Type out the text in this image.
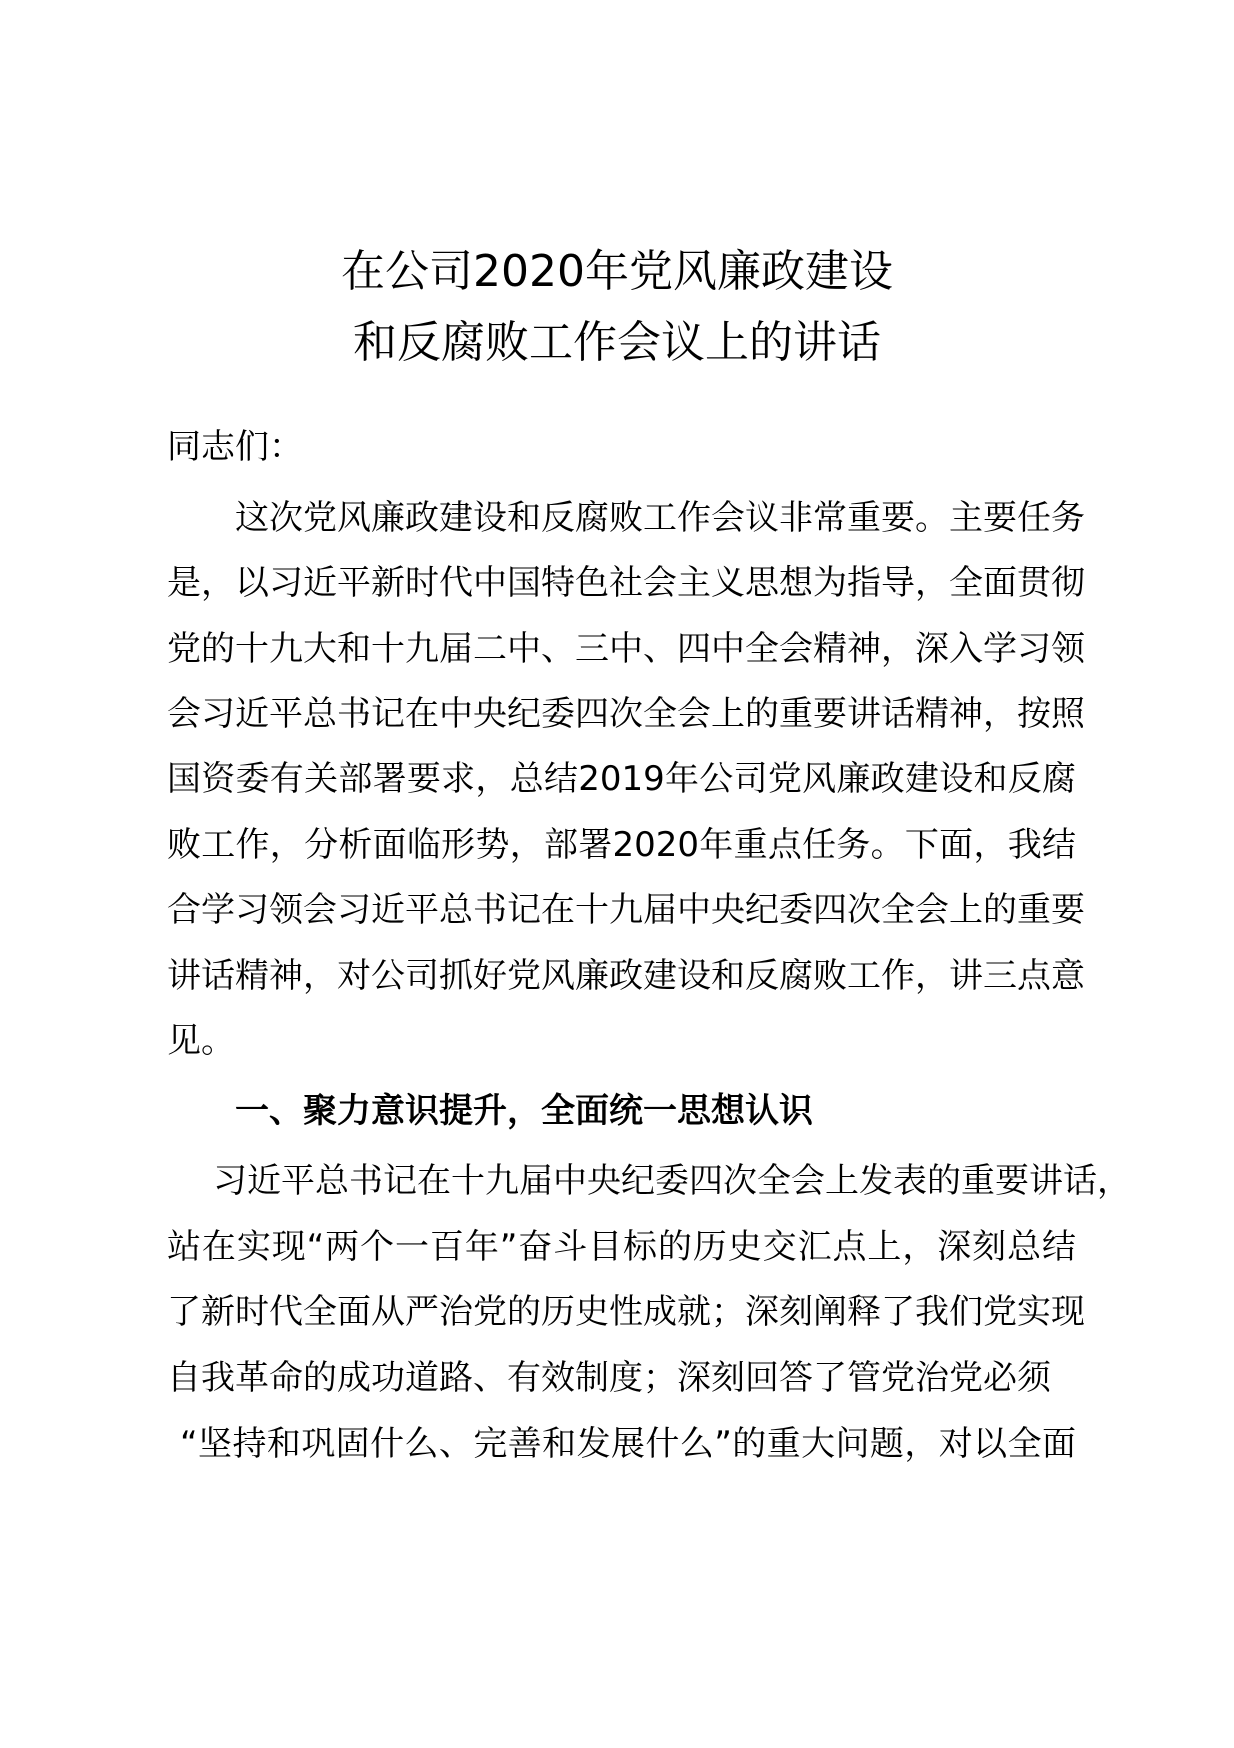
在公司2020年党风廉政建设
和反腐败工作会议上的讲话
同志们：
这次党风廉政建设和反腐败工作会议非常重要。主要任务
是，以习近平新时代中国特色社会主义思想为指导，全面贯彻
党的十九大和十九届二中、三中、四中全会精神，深入学习领
会习近平总书记在中央纪委四次全会上的重要讲话精神，按照
国资委有关部署要求，总结2019年公司党风廉政建设和反腐
败工作，分析面临形势，部署2020年重点任务。下面，我结
合学习领会习近平总书记在十九届中央纪委四次全会上的重要
讲话精神，对公司抓好党风廉政建设和反腐败工作，讲三点意
见。
一、聚力意识提升，全面统一思想认识
习近平总书记在十九届中央纪委四次全会上发表的重要讲话，
站在实现“两个一百年”奋斗目标的历史交汇点上，深刻总结
了新时代全面从严治党的历史性成就；深刻阐释了我们党实现
自我革命的成功道路、有效制度；深刻回答了管党治党必须
“坚持和巩固什么、完善和发展什么”的重大问题，对以全面
